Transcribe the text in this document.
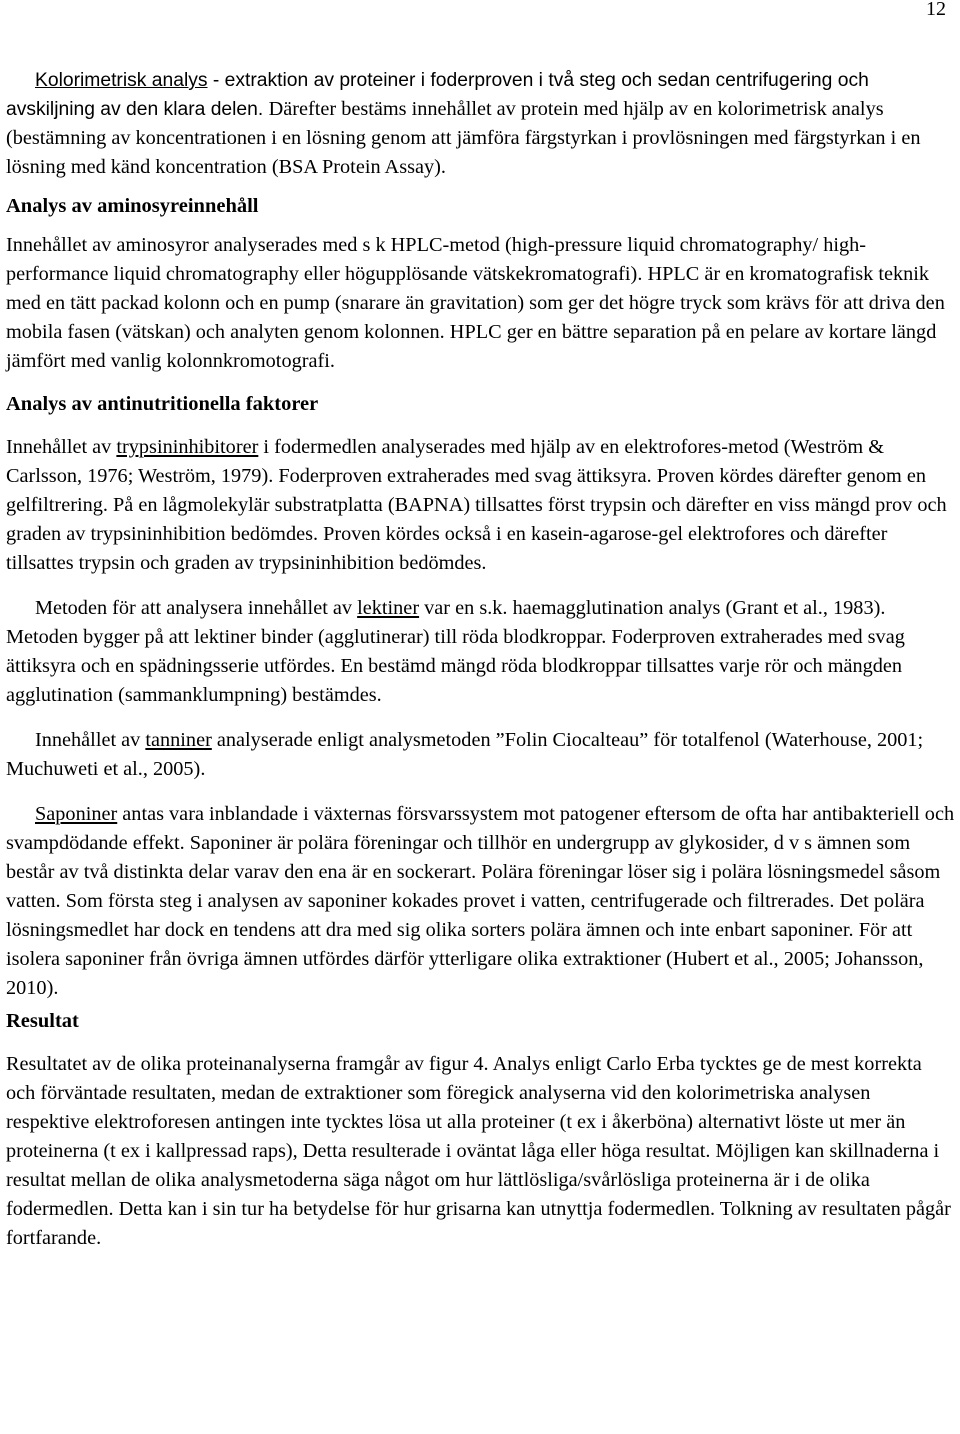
12

Kolorimetrisk analys - extraktion av proteiner i foderproven i två steg och sedan centrifugering och avskiljning av den klara delen. Därefter bestäms innehållet av protein med hjälp av en kolorimetrisk analys (bestämning av koncentrationen i en lösning genom att jämföra färgstyrkan i provlösningen med färgstyrkan i en lösning med känd koncentration (BSA Protein Assay).

Analys av aminosyreinnehåll

Innehållet av aminosyror analyserades med s k HPLC-metod (high-pressure liquid chromatography/ high-performance liquid chromatography eller högupplösande vätskekromatografi). HPLC är en kromatografisk teknik med en tätt packad kolonn och en pump (snarare än gravitation) som ger det högre tryck som krävs för att driva den mobila fasen (vätskan) och analyten genom kolonnen. HPLC ger en bättre separation på en pelare av kortare längd jämfört med vanlig kolonnkromotografi.

Analys av antinutritionella faktorer

Innehållet av trypsininhibitorer i fodermedlen analyserades med hjälp av en elektrofores-metod (Weström & Carlsson, 1976; Weström, 1979). Foderproven extraherades med svag ättiksyra. Proven kördes därefter genom en gelfiltrering. På en lågmolekylär substratplatta (BAPNA) tillsattes först trypsin och därefter en viss mängd prov och graden av trypsininhibition bedömdes. Proven kördes också i en kasein-agarose-gel elektrofores och därefter tillsattes trypsin och graden av trypsininhibition bedömdes.

Metoden för att analysera innehållet av lektiner var en s.k. haemagglutination analys (Grant et al., 1983). Metoden bygger på att lektiner binder (agglutinerar) till röda blodkroppar. Foderproven extraherades med svag ättiksyra och en spädningsserie utfördes. En bestämd mängd röda blodkroppar tillsattes varje rör och mängden agglutination (sammanklumpning) bestämdes.

Innehållet av tanniner analyserade enligt analysmetoden ”Folin Ciocalteau” för totalfenol (Waterhouse, 2001; Muchuweti et al., 2005).

Saponiner antas vara inblandade i växternas försvarssystem mot patogener eftersom de ofta har antibakteriell och svampdödande effekt. Saponiner är polära föreningar och tillhör en undergrupp av glykosider, d v s ämnen som består av två distinkta delar varav den ena är en sockerart. Polära föreningar löser sig i polära lösningsmedel såsom vatten. Som första steg i analysen av saponiner kokades provet i vatten, centrifugerade och filtrerades. Det polära lösningsmedlet har dock en tendens att dra med sig olika sorters polära ämnen och inte enbart saponiner. För att isolera saponiner från övriga ämnen utfördes därför ytterligare olika extraktioner (Hubert et al., 2005; Johansson, 2010).

Resultat

Resultatet av de olika proteinanalyserna framgår av figur 4. Analys enligt Carlo Erba tycktes ge de mest korrekta och förväntade resultaten, medan de extraktioner som föregick analyserna vid den kolorimetriska analysen respektive elektroforesen antingen inte tycktes lösa ut alla proteiner (t ex i åkerböna) alternativt löste ut mer än proteinerna (t ex i kallpressad raps), Detta resulterade i oväntat låga eller höga resultat. Möjligen kan skillnaderna i resultat mellan de olika analysmetoderna säga något om hur lättlösliga/svårlösliga proteinerna är i de olika fodermedlen. Detta kan i sin tur ha betydelse för hur grisarna kan utnyttja fodermedlen. Tolkning av resultaten pågår fortfarande.
